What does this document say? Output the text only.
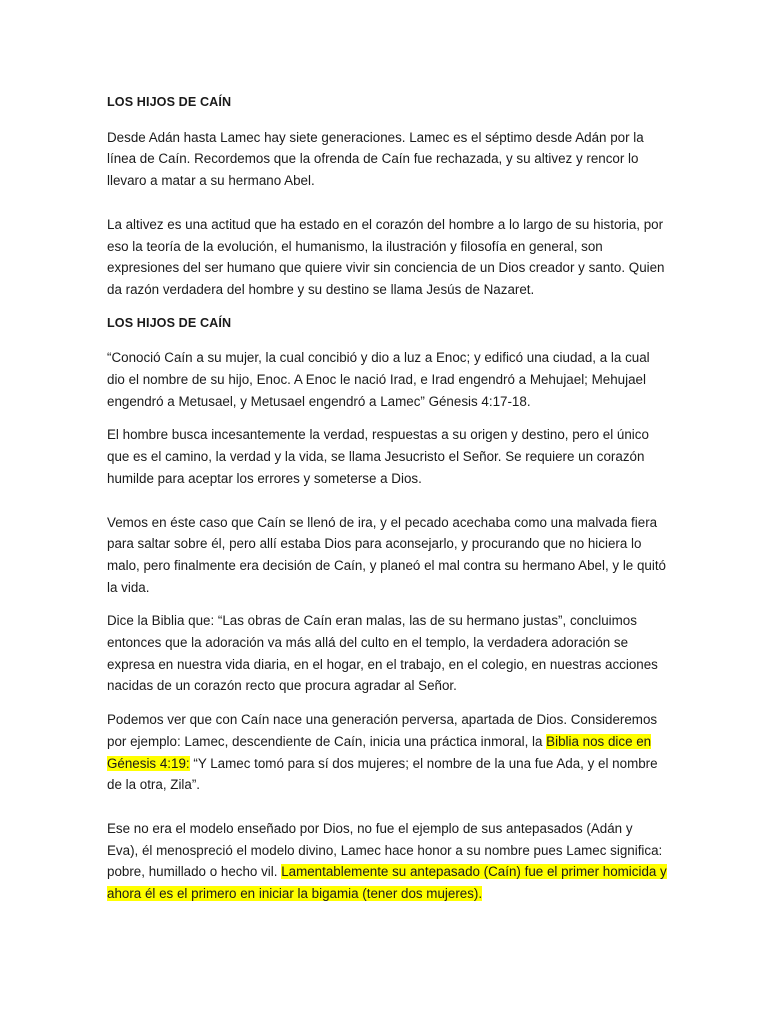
LOS HIJOS DE CAÍN

Desde Adán hasta Lamec hay siete generaciones. Lamec es el séptimo desde Adán por la línea de Caín. Recordemos que la ofrenda de Caín fue rechazada, y su altivez y rencor lo llevaro a matar a su hermano Abel.

La altivez es una actitud que ha estado en el corazón del hombre a lo largo de su historia, por eso la teoría de la evolución, el humanismo, la ilustración y filosofía en general, son expresiones del ser humano que quiere vivir sin conciencia de un Dios creador y santo. Quien da razón verdadera del hombre y su destino se llama Jesús de Nazaret.

LOS HIJOS DE CAÍN

“Conoció Caín a su mujer, la cual concibió y dio a luz a Enoc; y edificó una ciudad, a la cual dio el nombre de su hijo, Enoc. A Enoc le nació Irad, e Irad engendró a Mehujael; Mehujael engendró a Metusael, y Metusael engendró a Lamec” Génesis 4:17-18.

El hombre busca incesantemente la verdad, respuestas a su origen y destino, pero el único que es el camino, la verdad y la vida, se llama Jesucristo el Señor. Se requiere un corazón humilde para aceptar los errores y someterse a Dios.

Vemos en éste caso que Caín se llenó de ira, y el pecado acechaba como una malvada fiera para saltar sobre él, pero allí estaba Dios para aconsejarlo, y procurando que no hiciera lo malo, pero finalmente era decisión de Caín, y planeó el mal contra su hermano Abel, y le quitó la vida.

Dice la Biblia que: “Las obras de Caín eran malas, las de su hermano justas”, concluimos entonces que la adoración va más allá del culto en el templo, la verdadera adoración se expresa en nuestra vida diaria, en el hogar, en el trabajo, en el colegio, en nuestras acciones nacidas de un corazón recto que procura agradar al Señor.

Podemos ver que con Caín nace una generación perversa, apartada de Dios. Consideremos por ejemplo: Lamec, descendiente de Caín, inicia una práctica inmoral, la Biblia nos dice en Génesis 4:19: “Y Lamec tomó para sí dos mujeres; el nombre de la una fue Ada, y el nombre de la otra, Zila”.

Ese no era el modelo enseñado por Dios, no fue el ejemplo de sus antepasados (Adán y Eva), él menospreció el modelo divino, Lamec hace honor a su nombre pues Lamec significa: pobre, humillado o hecho vil. Lamentablemente su antepasado (Caín) fue el primer homicida y ahora él es el primero en iniciar la bigamia (tener dos mujeres).
